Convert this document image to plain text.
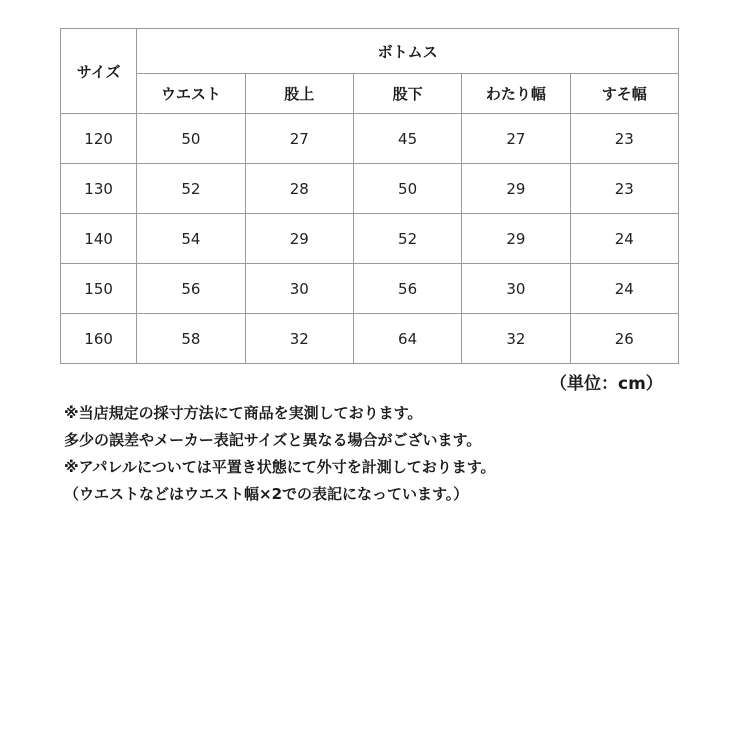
サイズ	ボトムス				
	ウエスト	股上	股下	わたり幅	すそ幅
120	50	27	45	27	23
130	52	28	50	29	23
140	54	29	52	29	24
150	56	30	56	30	24
160	58	32	64	32	26
（単位：cm）
※当店規定の採寸方法にて商品を実測しております。
多少の誤差やメーカー表記サイズと異なる場合がございます。
※アパレルについては平置き状態にて外寸を計測しております。
（ウエストなどはウエスト幅×2での表記になっています。）
